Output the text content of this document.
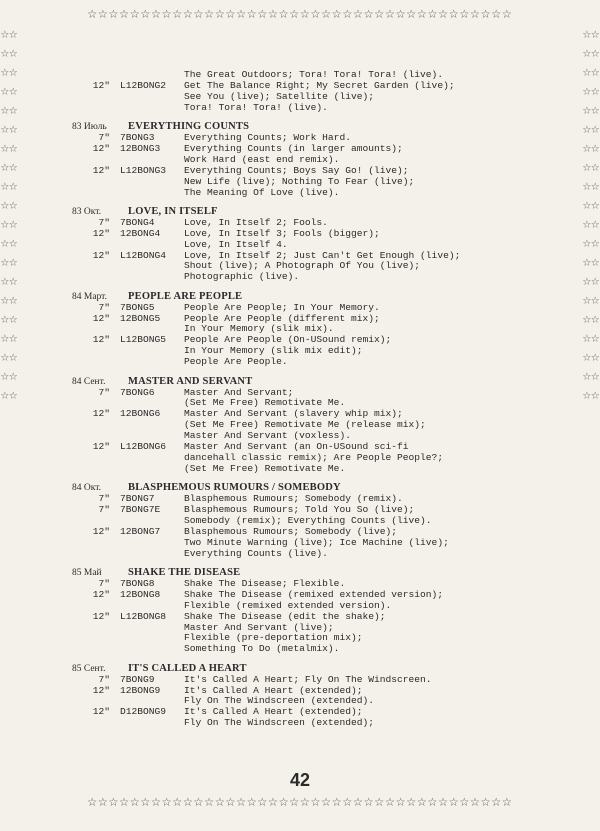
☆☆☆☆☆☆☆☆☆☆☆☆☆☆☆☆☆☆☆☆☆☆☆☆☆☆☆☆☆☆☆☆☆☆☆☆☆☆☆☆
☆☆☆☆☆☆☆☆☆☆☆☆☆☆☆☆☆☆☆☆☆☆☆☆☆☆☆☆☆☆☆☆☆☆☆☆☆☆☆☆
☆☆☆☆☆☆☆☆☆☆☆☆☆☆☆☆☆☆☆☆☆☆☆☆☆☆☆☆☆☆☆☆☆☆☆☆☆☆☆☆
☆☆☆☆☆☆☆☆☆☆☆☆☆☆☆☆☆☆☆☆☆☆☆☆☆☆☆☆☆☆☆☆☆☆☆☆☆☆☆☆
The Great Outdoors; Tora! Tora! Tora! (live).
12" L12BONG2 Get The Balance Right; My Secret Garden (live);
See You (live); Satellite (live);
Tora! Tora! Tora! (live).
83 Июль EVERYTHING COUNTS
7" 7BONG3	Everything Counts; Work Hard.
12" 12BONG3 Everything Counts (in larger amounts);
Work Hard (east end remix).
12" L12BONG3 Everything Counts; Boys Say Go! (live);
New Life (live); Nothing To Fear (live);
The Meaning Of Love (live).
83 Окт.	LOVE, IN ITSELF
7" 7BONG4	Love, In Itself 2; Fools.
12" 12BONG4 Love, In Itself 3; Fools (bigger);
Love, In Itself 4.
12" L12BONG4 Love, In Itself 2; Just Can't Get Enough (live);
Shout (live); A Photograph Of You (live);
Photographic (live).
84 Март. PEOPLE ARE PEOPLE
7" 7BONG5	People Are People; In Your Memory.
12" 12BONG5 People Are People (different mix);
In Your Memory (slik mix).
12" L12BONG5 People Are People (On-USound remix);
In Your Memory (slik mix edit);
People Are People.
84 Сент. MASTER AND SERVANT
7" 7BONG6	Master And Servant;
(Set Me Free) Remotivate Me.
12" 12BONG6 Master And Servant (slavery whip mix);
(Set Me Free) Remotivate Me (release mix);
Master And Servant (voxless).
12" L12BONG6 Master And Servant (an On-USound sci-fi
dancehall classic remix); Are People People?;
(Set Me Free) Remotivate Me.
84 Окт.	BLASPHEMOUS RUMOURS / SOMEBODY
7" 7BONG7	Blasphemous Rumours; Somebody (remix).
7" 7BONG7E Blasphemous Rumours; Told You So (live);
Somebody (remix); Everything Counts (live).
12" 12BONG7 Blasphemous Rumours; Somebody (live);
Two Minute Warning (live); Ice Machine (live);
Everything Counts (live).
85 Май	SHAKE THE DISEASE
7" 7BONG8	Shake The Disease; Flexible.
12" 12BONG8 Shake The Disease (remixed extended version);
Flexible (remixed extended version).
12" L12BONG8 Shake The Disease (edit the shake);
Master And Servant (live);
Flexible (pre-deportation mix);
Something To Do (metalmix).
85 Сент. IT'S CALLED A HEART
7" 7BONG9	It's Called A Heart; Fly On The Windscreen.
12" 12BONG9 It's Called A Heart (extended);
Fly On The Windscreen (extended).
12" D12BONG9 It's Called A Heart (extended);
Fly On The Windscreen (extended);
42
